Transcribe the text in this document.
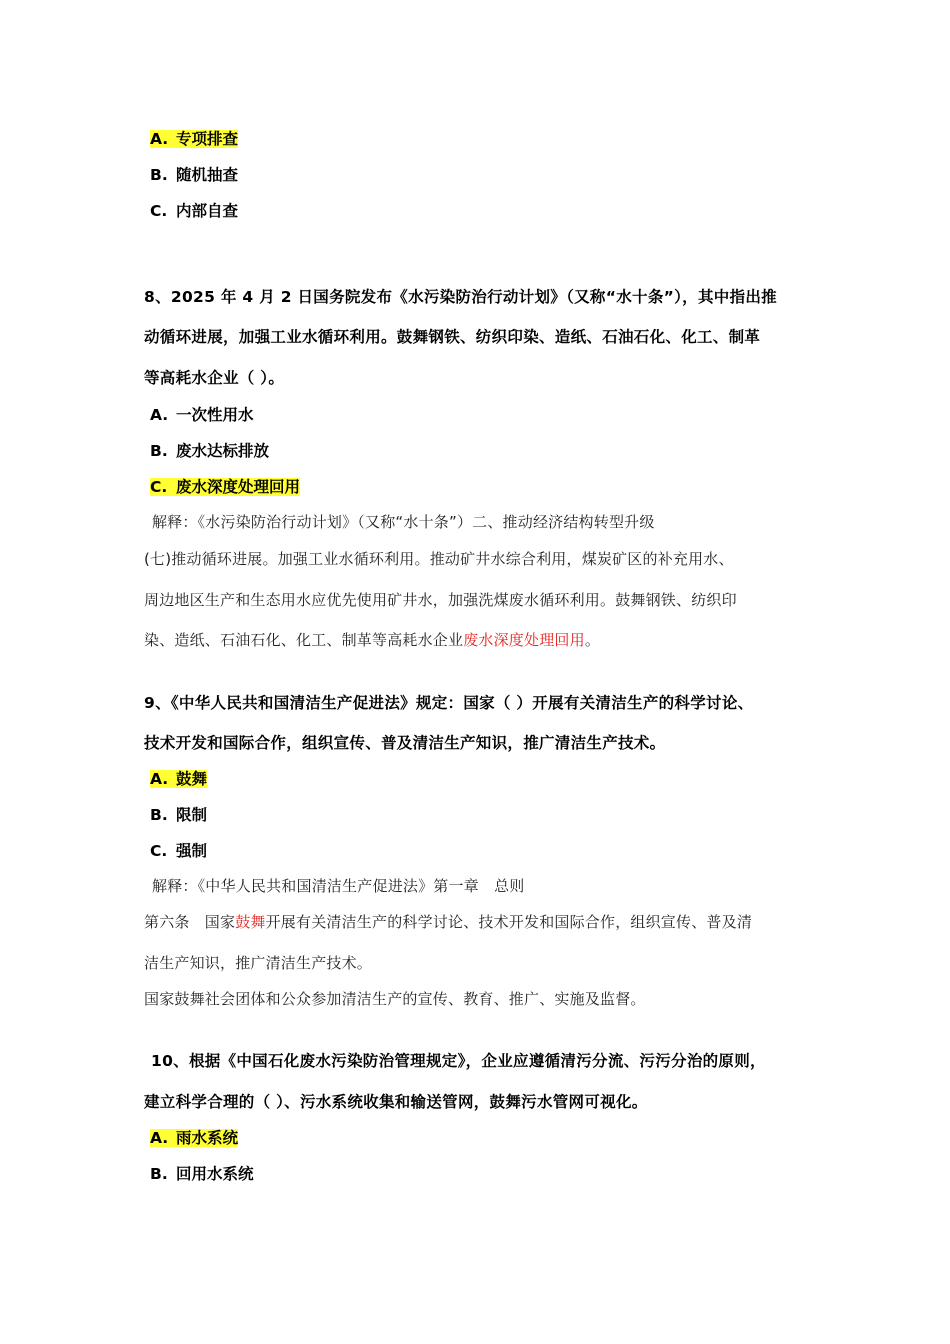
A. 专项排查
B. 随机抽查
C. 内部自查
8、2025 年 4 月 2 日国务院发布《水污染防治行动计划》（又称“水十条”），其中指出推
动循环进展，加强工业水循环利用。鼓舞钢铁、纺织印染、造纸、石油石化、化工、制革
等高耗水企业（ ）。
A. 一次性用水
B. 废水达标排放
C. 废水深度处理回用
解释：《水污染防治行动计划》（又称“水十条”）二、推动经济结构转型升级
(七)推动循环进展。加强工业水循环利用。推动矿井水综合利用，煤炭矿区的补充用水、
周边地区生产和生态用水应优先使用矿井水，加强洗煤废水循环利用。鼓舞钢铁、纺织印
染、造纸、石油石化、化工、制革等高耗水企业废水深度处理回用。
9、《中华人民共和国清洁生产促进法》规定：国家（ ）开展有关清洁生产的科学讨论、
技术开发和国际合作，组织宣传、普及清洁生产知识，推广清洁生产技术。
A. 鼓舞
B. 限制
C. 强制
解释：《中华人民共和国清洁生产促进法》第一章　总则
第六条　国家鼓舞开展有关清洁生产的科学讨论、技术开发和国际合作，组织宣传、普及清
洁生产知识，推广清洁生产技术。
国家鼓舞社会团体和公众参加清洁生产的宣传、教育、推广、实施及监督。
10、根据《中国石化废水污染防治管理规定》，企业应遵循清污分流、污污分治的原则，
建立科学合理的（ ）、污水系统收集和输送管网，鼓舞污水管网可视化。
A. 雨水系统
B. 回用水系统
